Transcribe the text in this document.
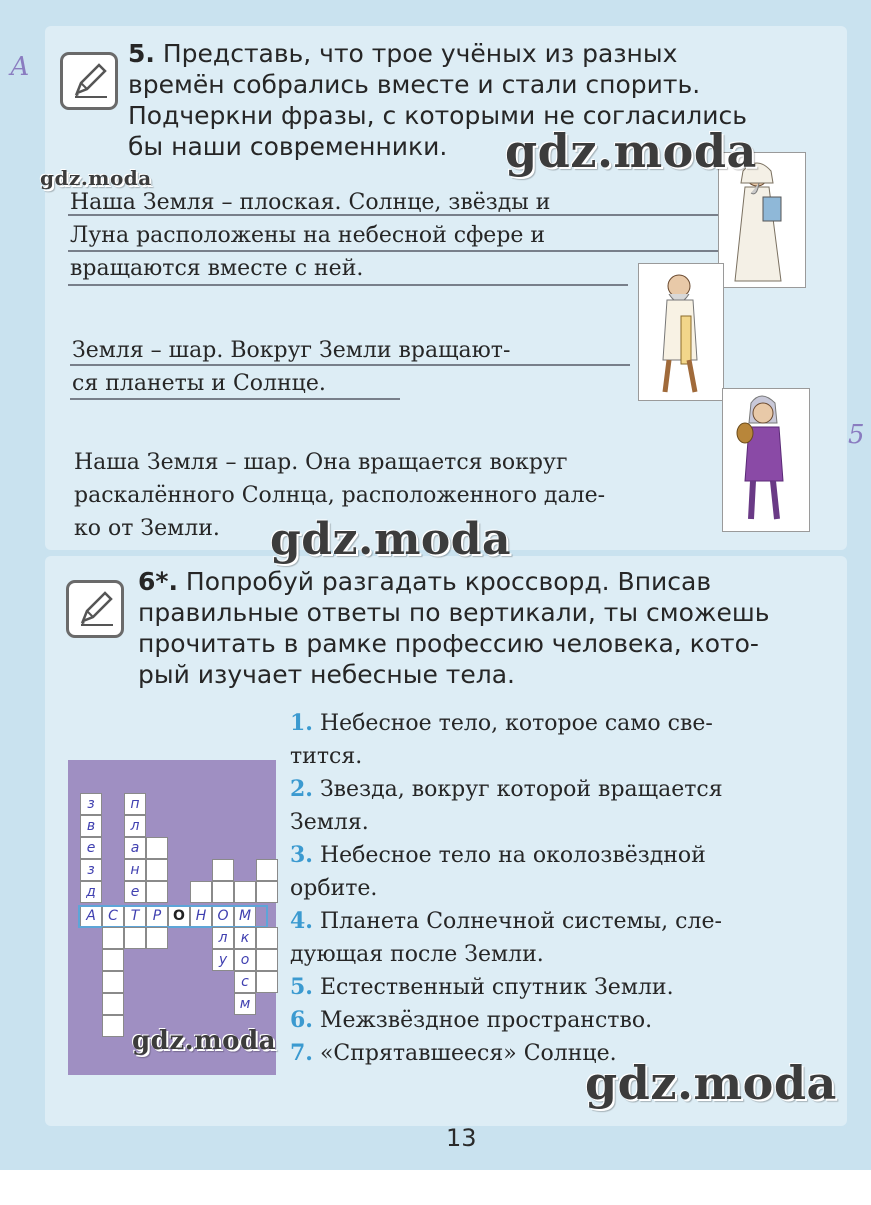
А
5
5. Представь, что трое учёных из разных
времён собрались вместе и стали спорить.
Подчеркни фразы, с которыми не согласились
бы наши современники.
Наша Земля – плоская. Солнце, звёзды и
Луна расположены на небесной сфере и
вращаются вместе с ней.
Земля – шар. Вокруг Земли вращают-
ся планеты и Солнце.
Наша Земля – шар. Она вращается вокруг
раскалённого Солнца, расположенного дале-
ко от Земли.
6*. Попробуй разгадать кроссворд. Вписав
правильные ответы по вертикали, ты сможешь
прочитать в рамке профессию человека, кото-
рый изучает небесные тела.
1. Небесное тело, которое само све-
тится.
2. Звезда, вокруг которой вращается
Земля.
3. Небесное тело на околозвёздной
орбите.
4. Планета Солнечной системы, сле-
дующая после Земли.
5. Естественный спутник Земли.
6. Межзвёздное пространство.
7. «Спрятавшееся» Солнце.
з
в
е
з
д
п
л
а
н
е
А С Т Р О Н О М
л к
у о
с
м
gdz.moda
gdz.moda
gdz.moda
gdz.moda
gdz.moda
13
